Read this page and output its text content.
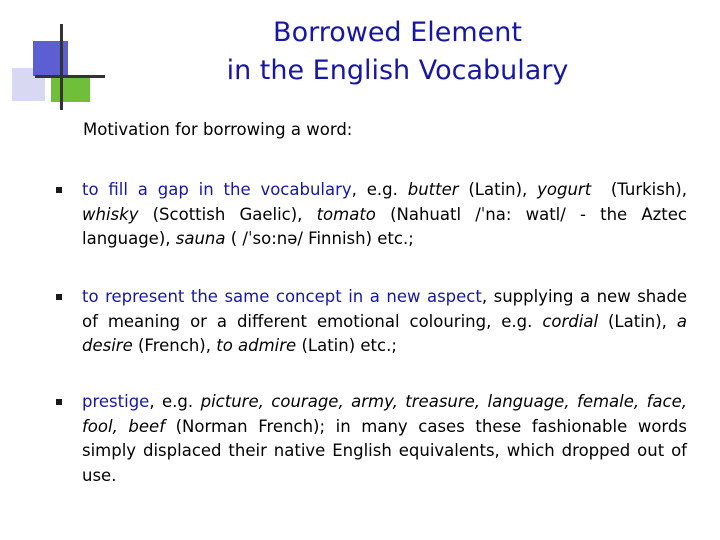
Borrowed Element
in the English Vocabulary
Motivation for borrowing a word:
to fill a gap in the vocabulary, e.g. butter (Latin), yogurt  (Turkish), whisky (Scottish Gaelic), tomato (Nahuatl /ˈna: watl/ - the Aztec language), sauna ( /ˈso:nə/ Finnish) etc.;
to represent the same concept in a new aspect, supplying a new shade of meaning or a different emotional colouring, e.g. cordial (Latin), a desire (French), to admire (Latin) etc.;
prestige, e.g. picture, courage, army, treasure, language, female, face, fool, beef (Norman French); in many cases these fashionable words simply displaced their native English equivalents, which dropped out of use.
